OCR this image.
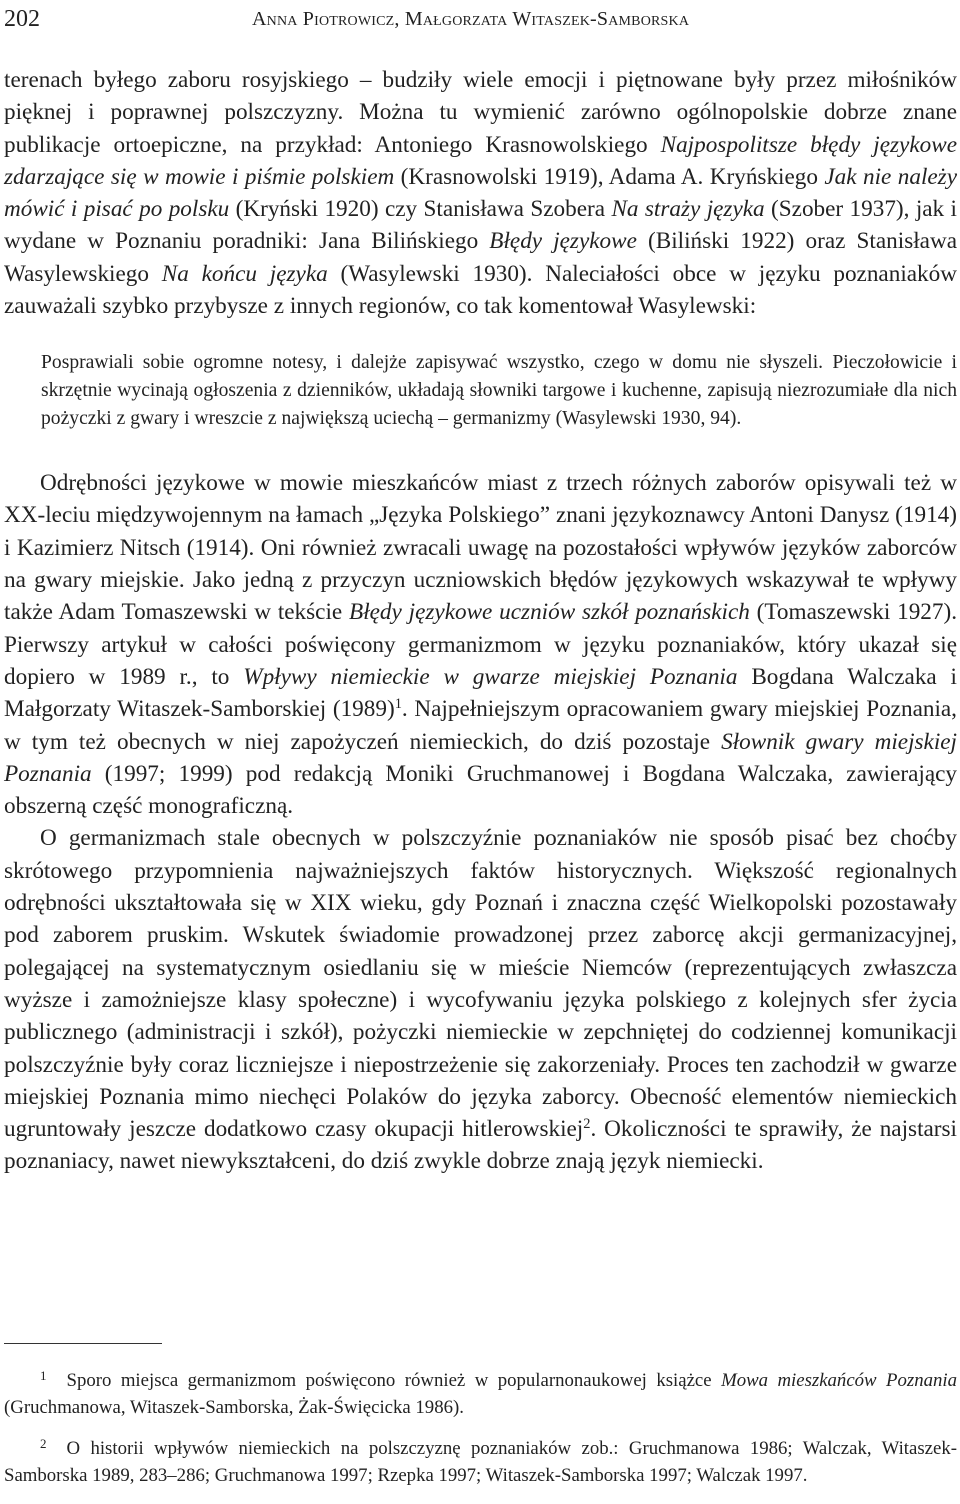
202	Anna Piotrowicz, Małgorzata Witaszek-Samborska

terenach byłego zaboru rosyjskiego – budziły wiele emocji i piętnowane były przez miłośników pięknej i poprawnej polszczyzny. Można tu wymienić zarówno ogólnopolskie dobrze znane publikacje ortoepiczne, na przykład: Antoniego Krasnowolskiego Najpospolitsze błędy językowe zdarzające się w mowie i piśmie polskiem (Krasnowolski 1919), Adama A. Kryńskiego Jak nie należy mówić i pisać po polsku (Kryński 1920) czy Stanisława Szobera Na straży języka (Szober 1937), jak i wydane w Poznaniu poradniki: Jana Bilińskiego Błędy językowe (Biliński 1922) oraz Stanisława Wasylewskiego Na końcu języka (Wasylewski 1930). Naleciałości obce w języku poznaniaków zauważali szybko przybysze z innych regionów, co tak komentował Wasylewski:

Posprawiali sobie ogromne notesy, i dalejże zapisywać wszystko, czego w domu nie słyszeli. Pieczołowicie i skrzętnie wycinają ogłoszenia z dzienników, układają słowniki targowe i kuchenne, zapisują niezrozumiałe dla nich pożyczki z gwary i wreszcie z największą uciechą – germanizmy (Wasylewski 1930, 94).

Odrębności językowe w mowie mieszkańców miast z trzech różnych zaborów opisywali też w XX-leciu międzywojennym na łamach „Języka Polskiego” znani językoznawcy Antoni Danysz (1914) i Kazimierz Nitsch (1914). Oni również zwracali uwagę na pozostałości wpływów języków zaborców na gwary miejskie. Jako jedną z przyczyn uczniowskich błędów językowych wskazywał te wpływy także Adam Tomaszewski w tekście Błędy językowe uczniów szkół poznańskich (Tomaszewski 1927). Pierwszy artykuł w całości poświęcony germanizmom w języku poznaniaków, który ukazał się dopiero w 1989 r., to Wpływy niemieckie w gwarze miejskiej Poznania Bogdana Walczaka i Małgorzaty Witaszek-Samborskiej $(1989)^1$. Najpełniejszym opracowaniem gwary miejskiej Poznania, w tym też obecnych w niej zapożyczeń niemieckich, do dziś pozostaje Słownik gwary miejskiej Poznania (1997; 1999) pod redakcją Moniki Gruchmanowej i Bogdana Walczaka, zawierający obszerną część monograficzną.

O germanizmach stale obecnych w polszczyźnie poznaniaków nie sposób pisać bez choćby skrótowego przypomnienia najważniejszych faktów historycznych. Większość regionalnych odrębności ukształtowała się w XIX wieku, gdy Poznań i znaczna część Wielkopolski pozostawały pod zaborem pruskim. Wskutek świadomie prowadzonej przez zaborcę akcji germanizacyjnej, polegającej na systematycznym osiedlaniu się w mieście Niemców (reprezentujących zwłaszcza wyższe i zamożniejsze klasy społeczne) i wycofywaniu języka polskiego z kolejnych sfer życia publicznego (administracji i szkół), pożyczki niemieckie w zepchniętej do codziennej komunikacji polszczyźnie były coraz liczniejsze i niepostrzeżenie się zakorzeniały. Proces ten zachodził w gwarze miejskiej Poznania mimo niechęci Polaków do języka zaborcy. Obecność elementów niemieckich ugruntowały jeszcze dodatkowo czasy okupacji hitlerowskiej$^2$. Okoliczności te sprawiły, że najstarsi poznaniacy, nawet niewykształceni, do dziś zwykle dobrze znają język niemiecki.

$^1$ Sporo miejsca germanizmom poświęcono również w popularnonaukowej książce Mowa mieszkańców Poznania (Gruchmanowa, Witaszek-Samborska, Żak-Święcicka 1986).

$^2$ O historii wpływów niemieckich na polszczyznę poznaniaków zob.: Gruchmanowa 1986; Walczak, Witaszek-Samborska 1989, 283–286; Gruchmanowa 1997; Rzepka 1997; Witaszek-Samborska 1997; Walczak 1997.
